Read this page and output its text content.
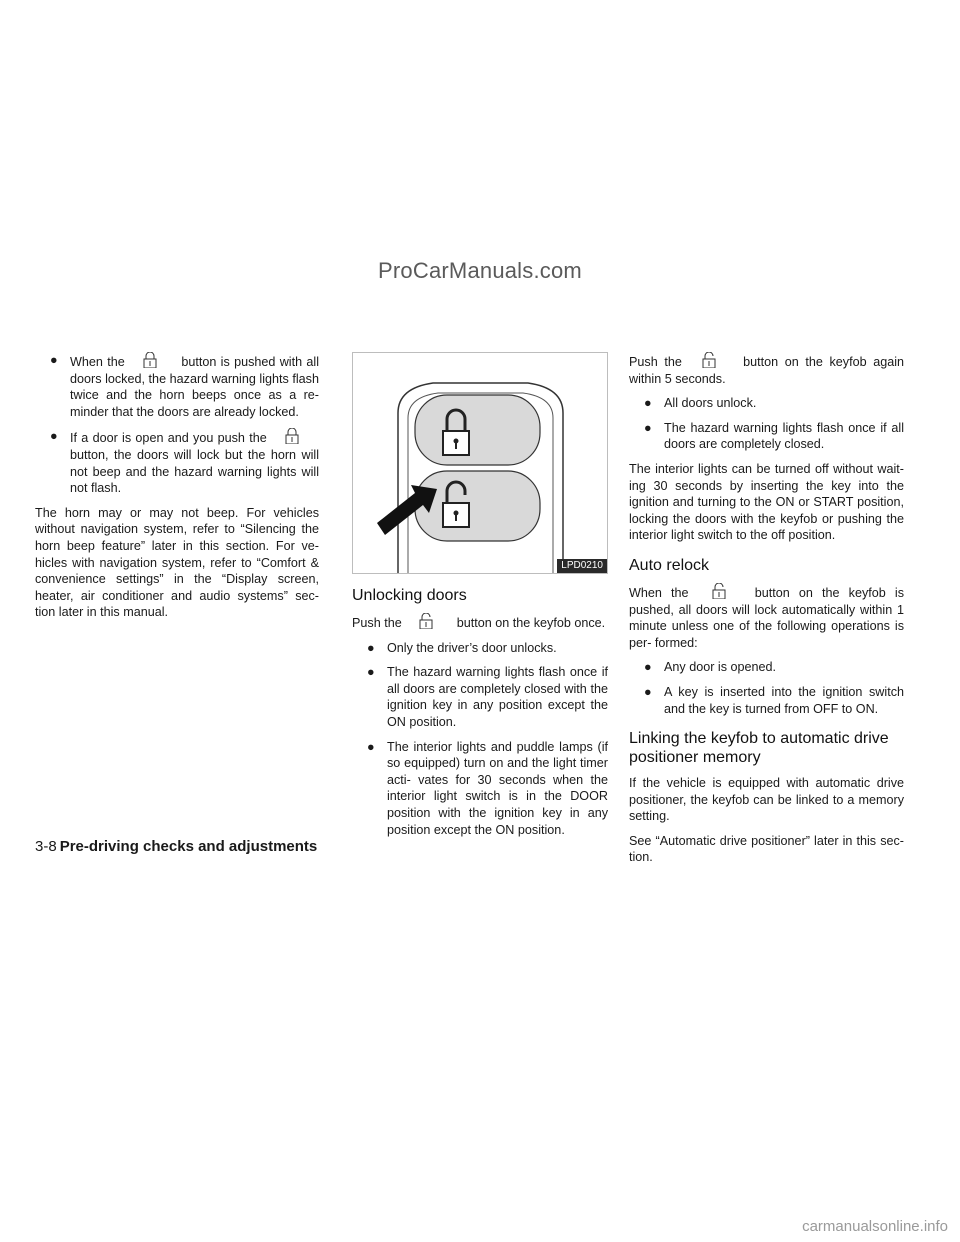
ProCarManuals.com
● When the	button is pushed with all doors locked, the hazard warning lights flash twice and the horn beeps once as a re- minder that the doors are already locked.
● If a door is open and you push the  button, the doors will lock but the horn will not beep and the hazard warning lights will not flash.

The horn may or may not beep. For vehicles without navigation system, refer to “Silencing the horn beep feature” later in this section. For ve- hicles with navigation system, refer to “Comfort & convenience settings” in the “Display screen, heater, air conditioner and audio systems” sec- tion later in this manual.

LPD0210
Unlocking doors

Push the	button on the keyfob once.

● Only the driver’s door unlocks.
● The hazard warning lights flash once if all doors are completely closed with the ignition key in any position except the ON position.
● The interior lights and puddle lamps (if so equipped) turn on and the light timer acti- vates for 30 seconds when the interior light switch is in the DOOR position with the ignition key in any position except the ON position.

Push the	button on the keyfob again within 5 seconds.

● All doors unlock.
● The hazard warning lights flash once if all doors are completely closed.

The interior lights can be turned off without wait- ing 30 seconds by inserting the key into the ignition and turning to the ON or START position, locking the doors with the keyfob or pushing the interior light switch to the off position.

Auto relock

When the	button on the keyfob is pushed, all doors will lock automatically within 1 minute unless one of the following operations is per- formed:

● Any door is opened.
● A key is inserted into the ignition switch and the key is turned from OFF to ON.
Linking the keyfob to automatic drive positioner memory

If the vehicle is equipped with automatic drive positioner, the keyfob can be linked to a memory setting.

See “Automatic drive positioner” later in this sec- tion.

3-8 Pre-driving checks and adjustments
carmanualsonline.info
